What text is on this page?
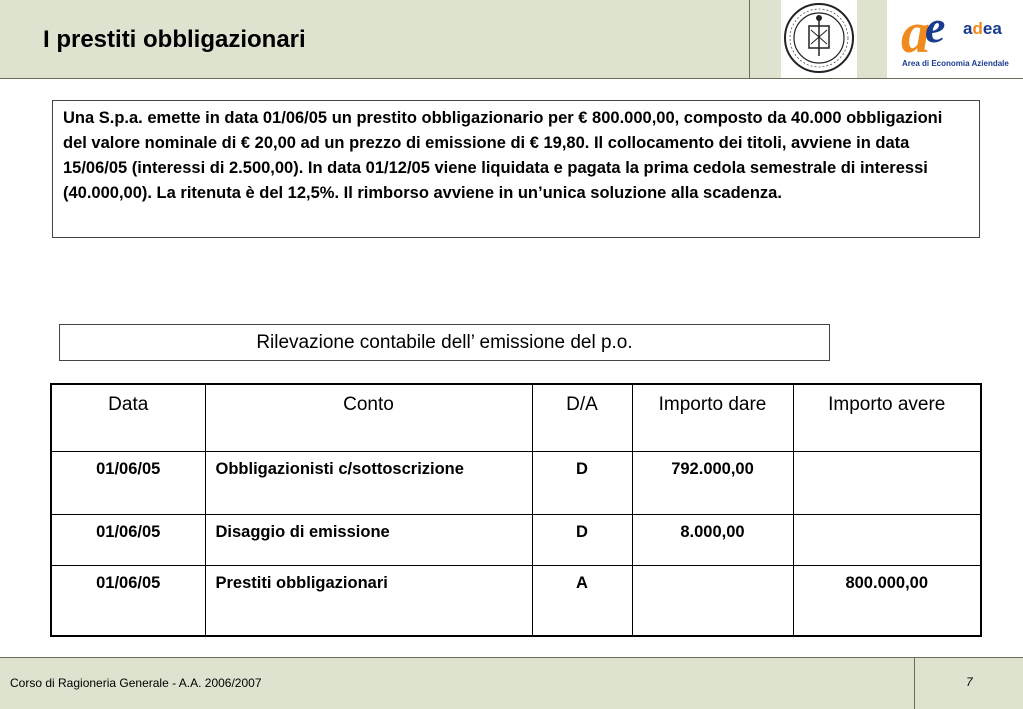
I prestiti obbligazionari	a
e adea
Area di Economia Aziendale
Una S.p.a. emette in data 01/06/05 un prestito obbligazionario per € 800.000,00, composto da 40.000 obbligazioni del valore nominale di € 20,00 ad un prezzo di emissione di € 19,80. Il collocamento dei titoli, avviene in data 15/06/05 (interessi di 2.500,00). In data 01/12/05 viene liquidata e pagata la prima cedola semestrale di interessi (40.000,00). La ritenuta è del 12,5%. Il rimborso avviene in un’unica soluzione alla scadenza.
Rilevazione contabile dell’ emissione del p.o.
Data	Conto	D/A	Importo dare	Importo avere
01/06/05	Obbligazionisti c/sottoscrizione	D	792.000,00	
01/06/05	Disaggio di emissione	D	8.000,00	
01/06/05	Prestiti obbligazionari	A		800.000,00
Corso di Ragioneria Generale - A.A. 2006/2007	7
